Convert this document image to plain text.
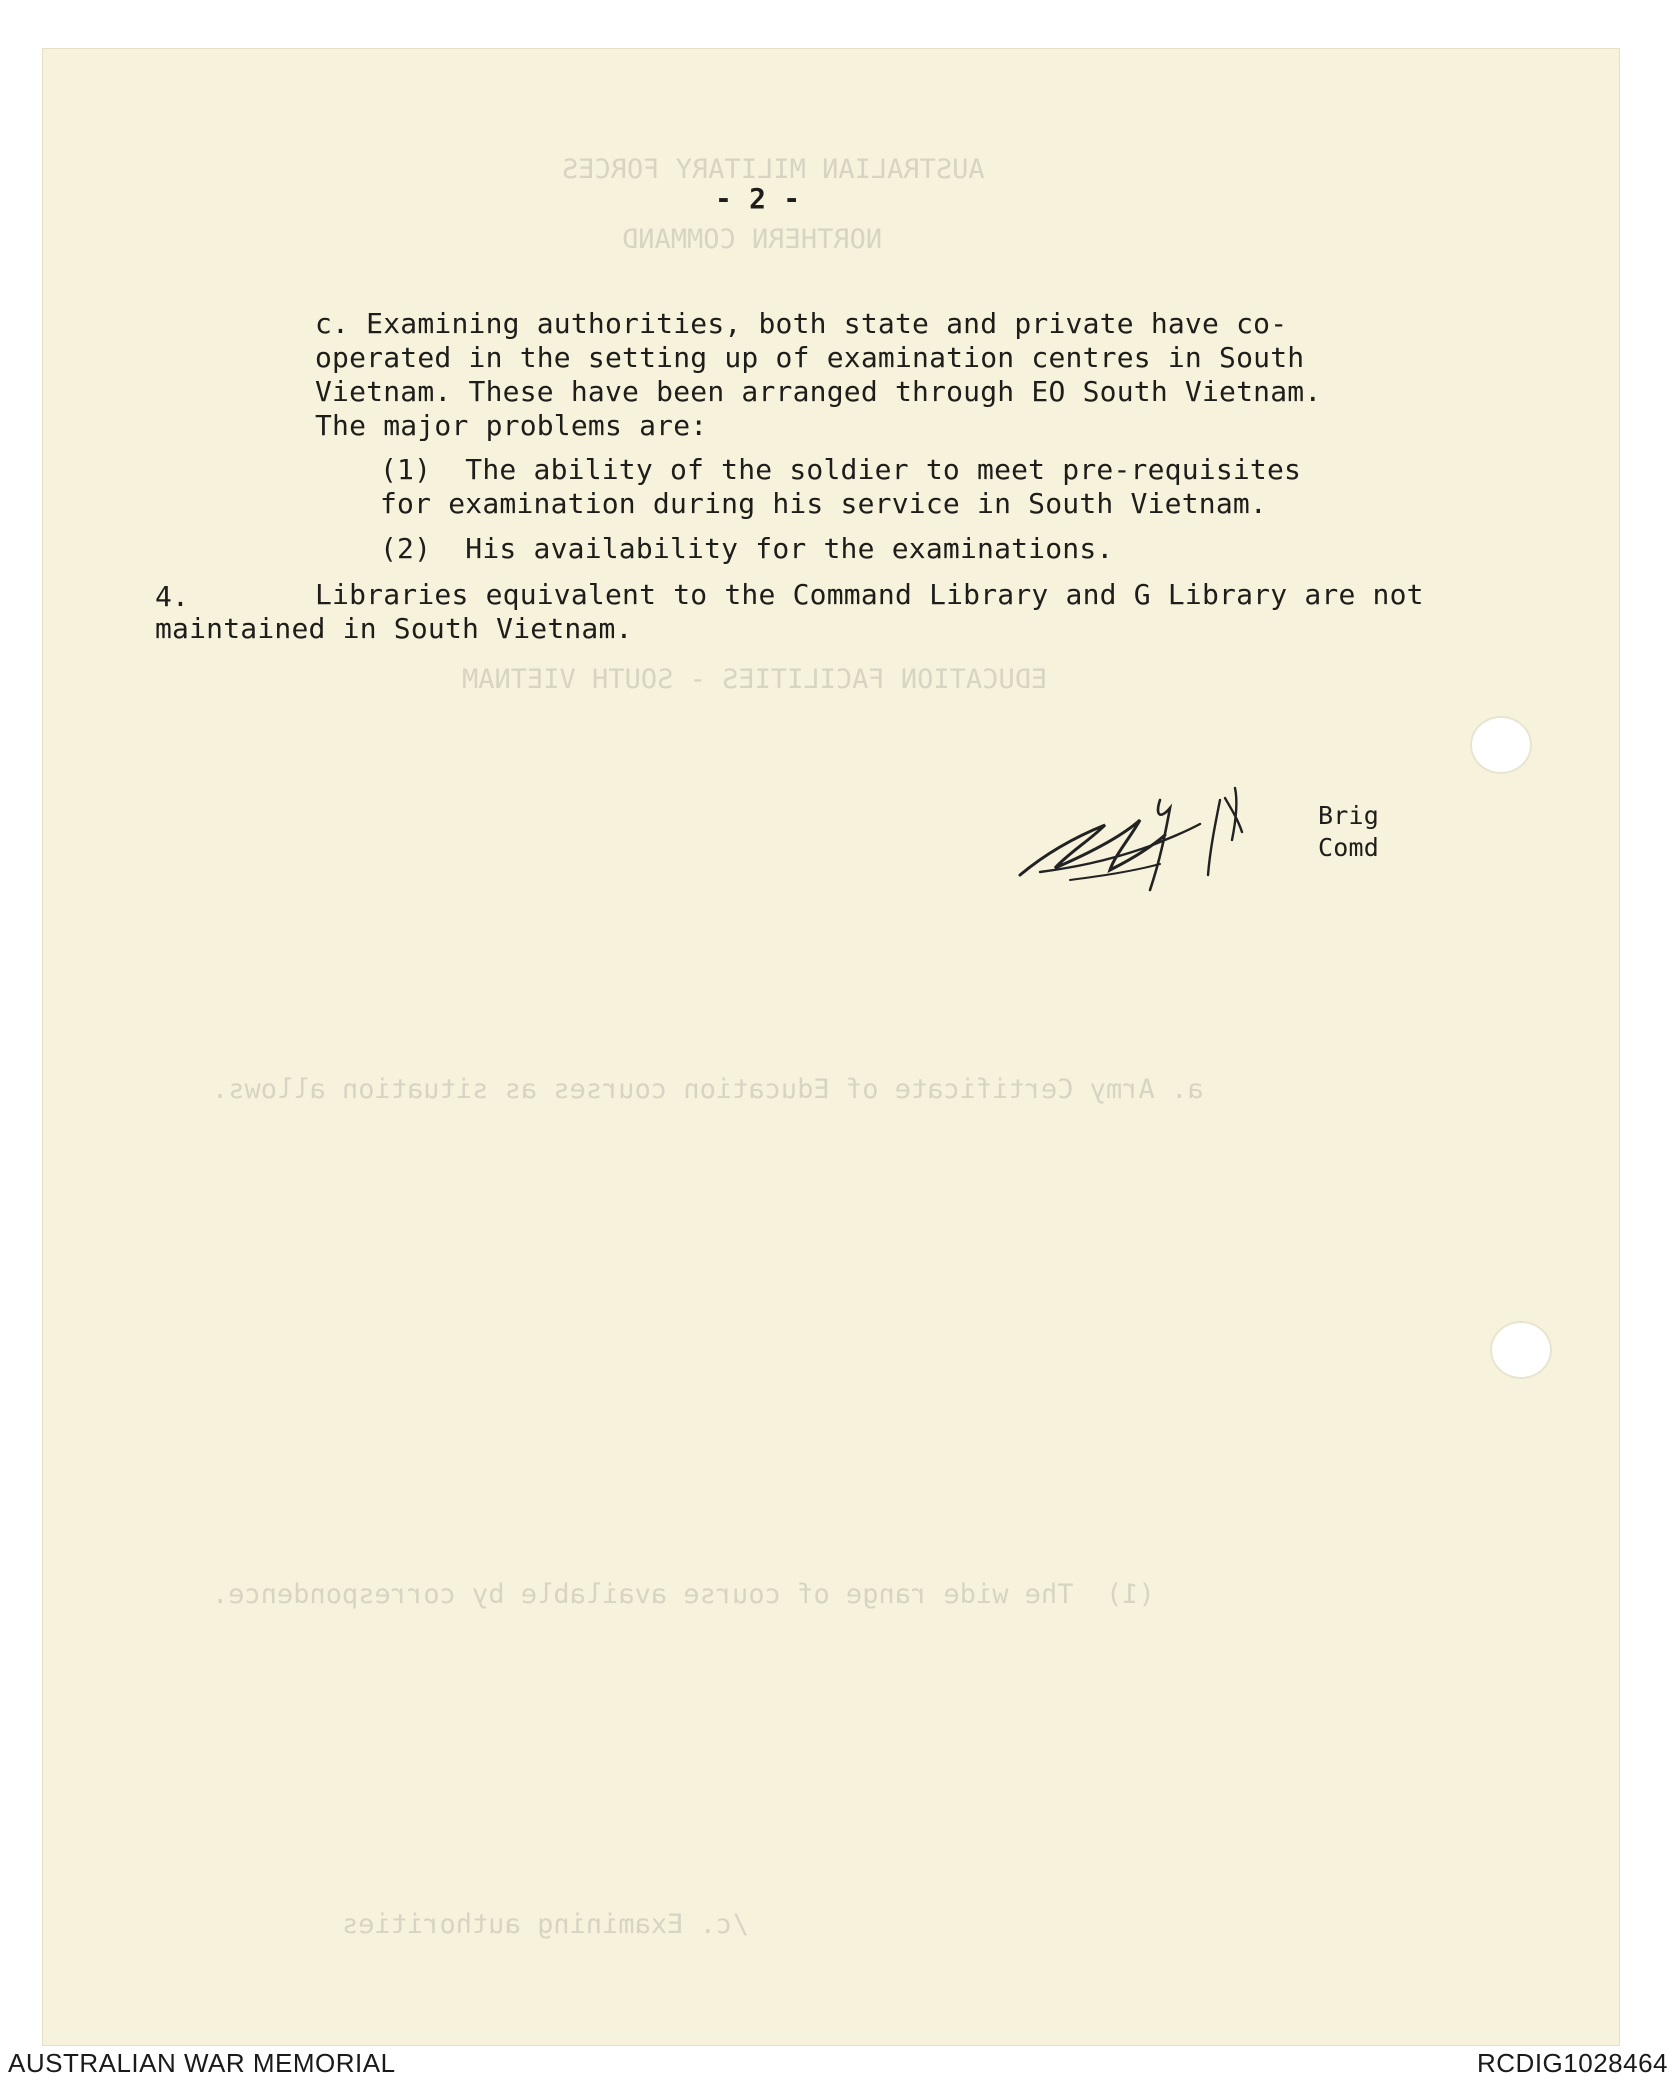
AUSTRALIAN MILITARY FORCES
NORTHERN COMMAND
EDUCATION FACILITIES - SOUTH VIETNAM
a. Army Certificate of Education courses as situation allows.
(1)  The wide range of course available by correspondence.
/c. Examining authorities
- 2 -
c. Examining authorities, both state and private have co-
operated in the setting up of examination centres in South
Vietnam. These have been arranged through EO South Vietnam.
The major problems are:
(1)  The ability of the soldier to meet pre-requisites
for examination during his service in South Vietnam.
(2)  His availability for the examinations.
4.	Libraries equivalent to the Command Library and G Library are not
maintained in South Vietnam.
Brig
Comd
AUSTRALIAN WAR MEMORIAL	RCDIG1028464
